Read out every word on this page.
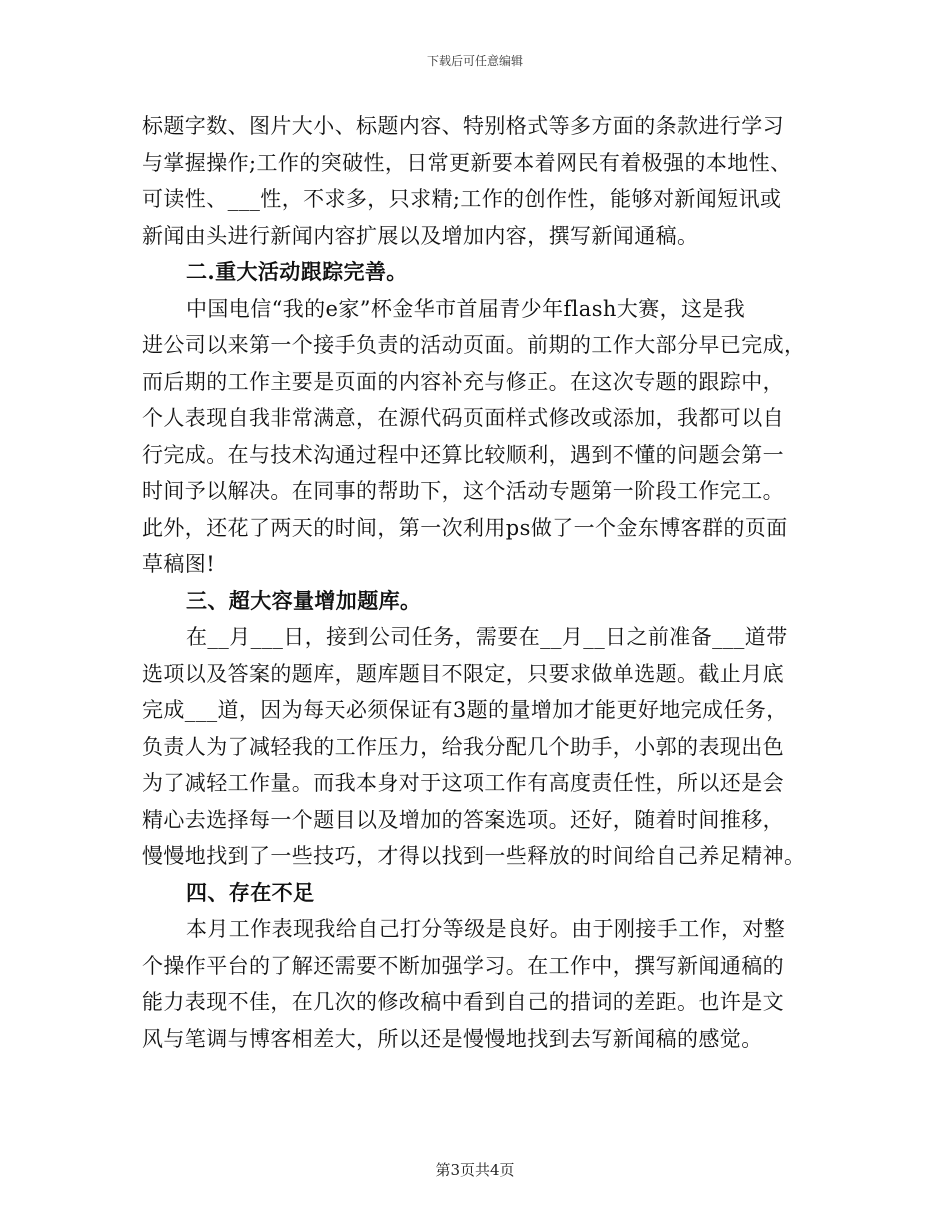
下载后可任意编辑
标题字数、图片大小、标题内容、特别格式等多方面的条款进行学习
与掌握操作;工作的突破性，日常更新要本着网民有着极强的本地性、
可读性、___性，不求多，只求精;工作的创作性，能够对新闻短讯或
新闻由头进行新闻内容扩展以及增加内容，撰写新闻通稿。
二.重大活动跟踪完善。
中国电信“我的e家”杯金华市首届青少年flash大赛，这是我
进公司以来第一个接手负责的活动页面。前期的工作大部分早已完成，
而后期的工作主要是页面的内容补充与修正。在这次专题的跟踪中，
个人表现自我非常满意，在源代码页面样式修改或添加，我都可以自
行完成。在与技术沟通过程中还算比较顺利，遇到不懂的问题会第一
时间予以解决。在同事的帮助下，这个活动专题第一阶段工作完工。
此外，还花了两天的时间，第一次利用ps做了一个金东博客群的页面
草稿图!
三、超大容量增加题库。
在__月___日，接到公司任务，需要在__月__日之前准备___道带
选项以及答案的题库，题库题目不限定，只要求做单选题。截止月底
完成___道，因为每天必须保证有3题的量增加才能更好地完成任务，
负责人为了减轻我的工作压力，给我分配几个助手，小郭的表现出色
为了减轻工作量。而我本身对于这项工作有高度责任性，所以还是会
精心去选择每一个题目以及增加的答案选项。还好，随着时间推移，
慢慢地找到了一些技巧，才得以找到一些释放的时间给自己养足精神。
四、存在不足
本月工作表现我给自己打分等级是良好。由于刚接手工作，对整
个操作平台的了解还需要不断加强学习。在工作中，撰写新闻通稿的
能力表现不佳，在几次的修改稿中看到自己的措词的差距。也许是文
风与笔调与博客相差大，所以还是慢慢地找到去写新闻稿的感觉。
第3页共4页
